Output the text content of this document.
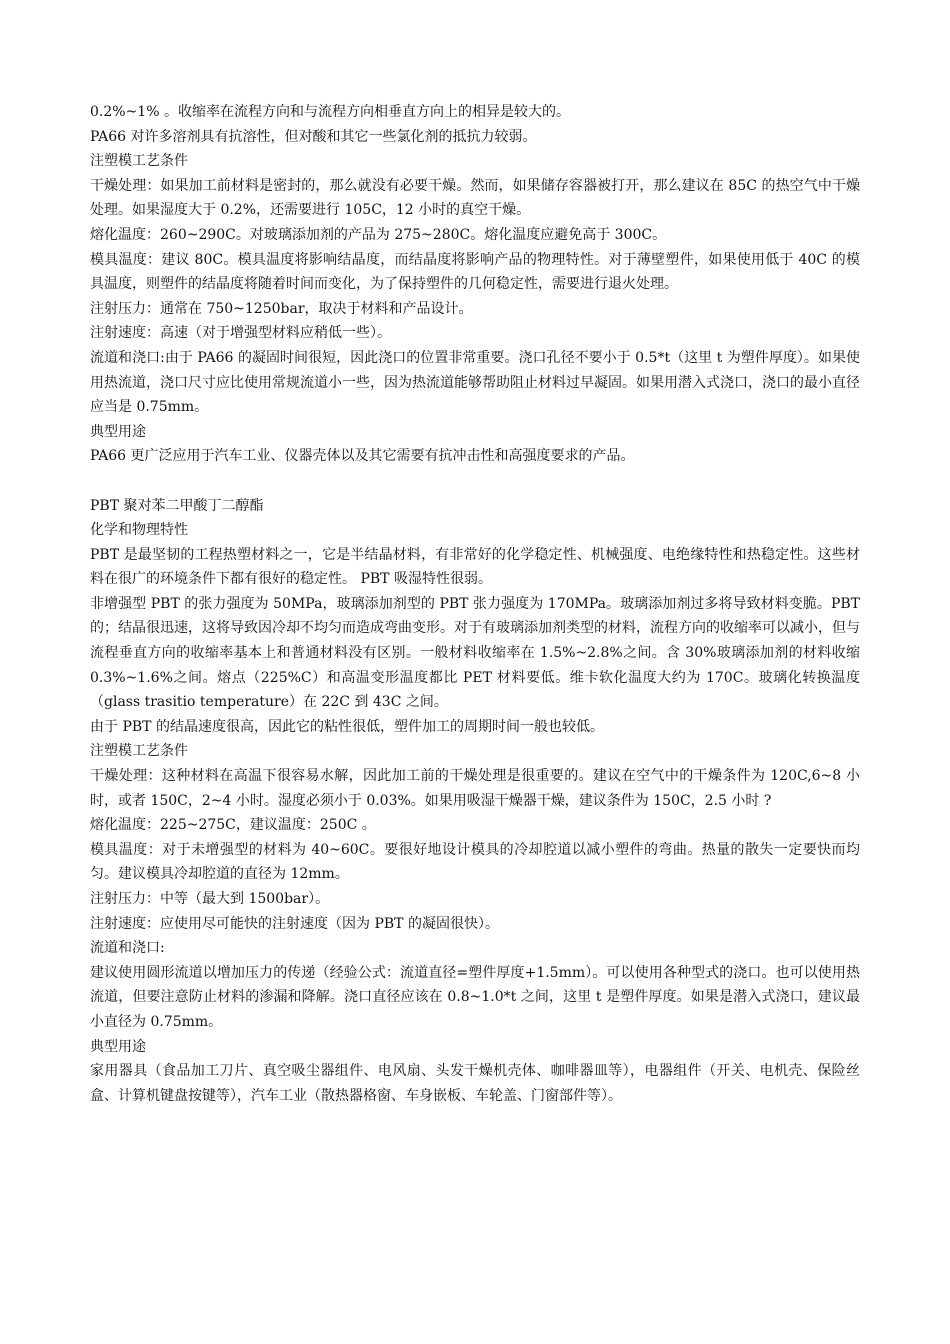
0.2%~1% 。收缩率在流程方向和与流程方向相垂直方向上的相异是较大的。

PA66 对许多溶剂具有抗溶性，但对酸和其它一些氯化剂的抵抗力较弱。

注塑模工艺条件

干燥处理：如果加工前材料是密封的，那么就没有必要干燥。然而，如果储存容器被打开，那么建议在 85C 的热空气中干燥处理。如果湿度大于 0.2%，还需要进行 105C，12 小时的真空干燥。

熔化温度：260~290C。对玻璃添加剂的产品为 275~280C。熔化温度应避免高于 300C。

模具温度：建议 80C。模具温度将影响结晶度，而结晶度将影响产品的物理特性。对于薄壁塑件，如果使用低于 40C 的模具温度，则塑件的结晶度将随着时间而变化，为了保持塑件的几何稳定性，需要进行退火处理。

注射压力：通常在 750~1250bar，取决于材料和产品设计。

注射速度：高速（对于增强型材料应稍低一些）。

流道和浇口:由于 PA66 的凝固时间很短，因此浇口的位置非常重要。浇口孔径不要小于 0.5*t（这里 t 为塑件厚度）。如果使用热流道，浇口尺寸应比使用常规流道小一些，因为热流道能够帮助阻止材料过早凝固。如果用潜入式浇口，浇口的最小直径

应当是 0.75mm。

典型用途

PA66 更广泛应用于汽车工业、仪器壳体以及其它需要有抗冲击性和高强度要求的产品。

PBT 聚对苯二甲酸丁二醇酯

化学和物理特性

PBT 是最坚韧的工程热塑材料之一，它是半结晶材料，有非常好的化学稳定性、机械强度、电绝缘特性和热稳定性。这些材料在很广的环境条件下都有很好的稳定性。 PBT 吸湿特性很弱。

非增强型 PBT 的张力强度为 50MPa，玻璃添加剂型的 PBT 张力强度为 170MPa。玻璃添加剂过多将导致材料变脆。PBT 的；结晶很迅速，这将导致因冷却不均匀而造成弯曲变形。对于有玻璃添加剂类型的材料，流程方向的收缩率可以减小，但与流程垂直方向的收缩率基本上和普通材料没有区别。一般材料收缩率在 1.5%~2.8%之间。含 30%玻璃添加剂的材料收缩 0.3%~1.6%之间。熔点（225%C）和高温变形温度都比 PET 材料要低。维卡软化温度大约为 170C。玻璃化转换温度（glass trasitio temperature）在 22C 到 43C 之间。

由于 PBT 的结晶速度很高，因此它的粘性很低，塑件加工的周期时间一般也较低。

注塑模工艺条件

干燥处理：这种材料在高温下很容易水解，因此加工前的干燥处理是很重要的。建议在空气中的干燥条件为 120C,6~8 小时，或者 150C，2~4 小时。湿度必须小于 0.03%。如果用吸湿干燥器干燥，建议条件为 150C，2.5 小时 ?

熔化温度：225~275C，建议温度：250C 。

模具温度：对于未增强型的材料为 40~60C。要很好地设计模具的冷却腔道以减小塑件的弯曲。热量的散失一定要快而均匀。建议模具冷却腔道的直径为 12mm。

注射压力：中等（最大到 1500bar）。

注射速度：应使用尽可能快的注射速度（因为 PBT 的凝固很快）。

流道和浇口:

建议使用圆形流道以增加压力的传递（经验公式：流道直径=塑件厚度+1.5mm）。可以使用各种型式的浇口。也可以使用热流道，但要注意防止材料的渗漏和降解。浇口直径应该在 0.8~1.0*t 之间，这里 t 是塑件厚度。如果是潜入式浇口，建议最小直径为 0.75mm。

典型用途

家用器具（食品加工刀片、真空吸尘器组件、电风扇、头发干燥机壳体、咖啡器皿等），电器组件（开关、电机壳、保险丝盒、计算机键盘按键等），汽车工业（散热器格窗、车身嵌板、车轮盖、门窗部件等）。
